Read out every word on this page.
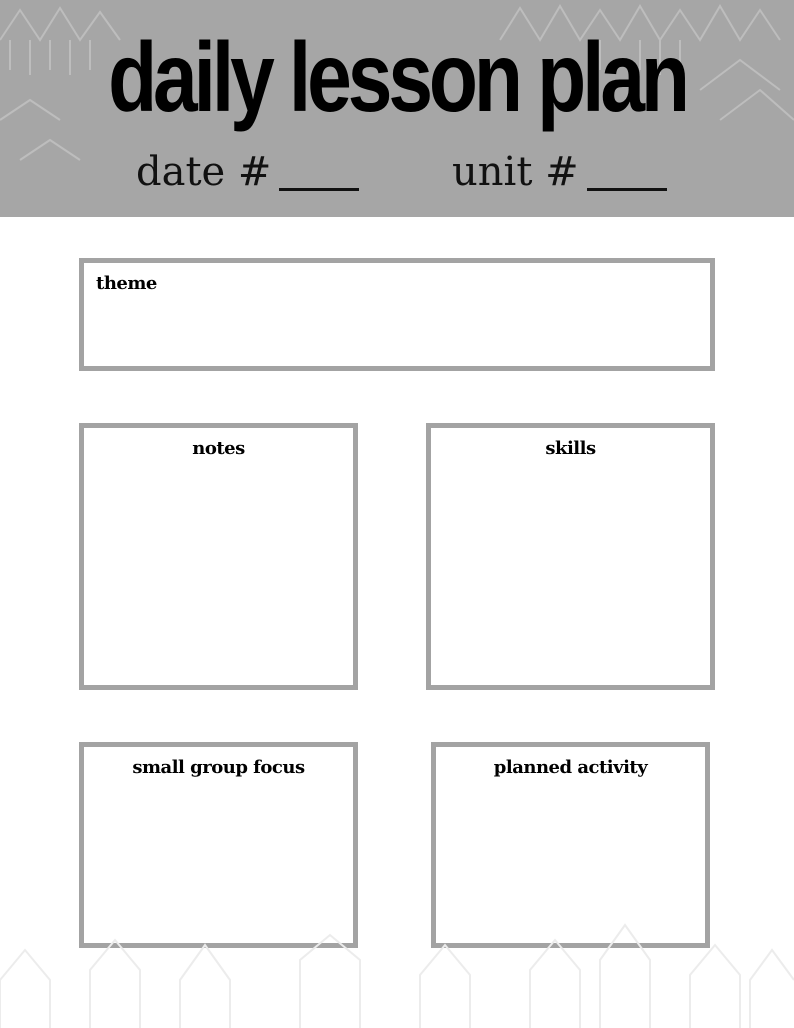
daily lesson plan
date #	unit #
theme
notes	skills
small group focus	planned activity
